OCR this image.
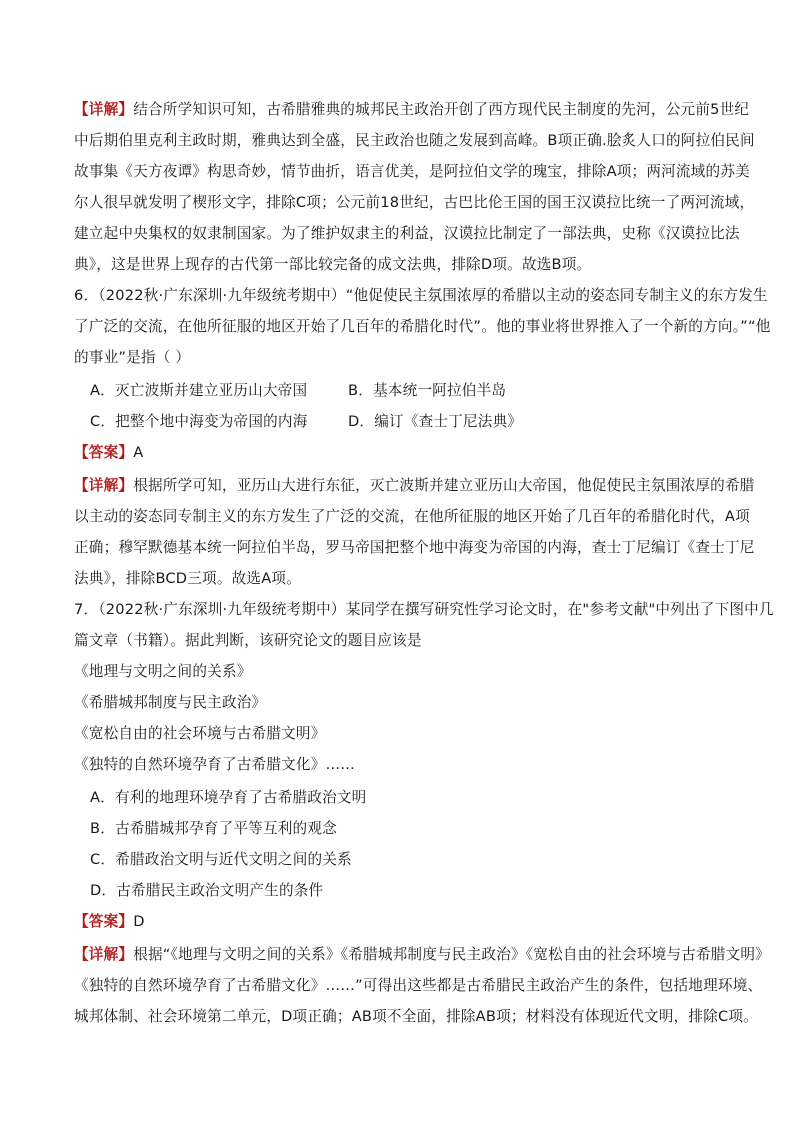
【详解】结合所学知识可知，古希腊雅典的城邦民主政治开创了西方现代民主制度的先河，公元前5世纪
中后期伯里克利主政时期，雅典达到全盛，民主政治也随之发展到高峰。B项正确.脍炙人口的阿拉伯民间
故事集《天方夜谭》构思奇妙，情节曲折，语言优美，是阿拉伯文学的瑰宝，排除A项；两河流域的苏美
尔人很早就发明了楔形文字，排除C项；公元前18世纪，古巴比伦王国的国王汉谟拉比统一了两河流域，
建立起中央集权的奴隶制国家。为了维护奴隶主的利益，汉谟拉比制定了一部法典，史称《汉谟拉比法
典》，这是世界上现存的古代第一部比较完备的成文法典，排除D项。故选B项。
6．（2022秋·广东深圳·九年级统考期中）“他促使民主氛围浓厚的希腊以主动的姿态同专制主义的东方发生
了广泛的交流，在他所征服的地区开始了几百年的希腊化时代”。他的事业将世界推入了一个新的方向。”“他
的事业”是指（ ）
A．灭亡波斯并建立亚历山大帝国	B．基本统一阿拉伯半岛
C．把整个地中海变为帝国的内海	D．编订《查士丁尼法典》
【答案】A
【详解】根据所学可知，亚历山大进行东征，灭亡波斯并建立亚历山大帝国，他促使民主氛围浓厚的希腊
以主动的姿态同专制主义的东方发生了广泛的交流，在他所征服的地区开始了几百年的希腊化时代，A项
正确；穆罕默德基本统一阿拉伯半岛，罗马帝国把整个地中海变为帝国的内海，查士丁尼编订《查士丁尼
法典》，排除BCD三项。故选A项。
7．（2022秋·广东深圳·九年级统考期中）某同学在撰写研究性学习论文时，在"参考文献"中列出了下图中几
篇文章（书籍）。据此判断，该研究论文的题目应该是
《地理与文明之间的关系》
《希腊城邦制度与民主政治》
《宽松自由的社会环境与古希腊文明》
《独特的自然环境孕育了古希腊文化》……
A．有利的地理环境孕育了古希腊政治文明
B．古希腊城邦孕育了平等互利的观念
C．希腊政治文明与近代文明之间的关系
D．古希腊民主政治文明产生的条件
【答案】D
【详解】根据“《地理与文明之间的关系》《希腊城邦制度与民主政治》《宽松自由的社会环境与古希腊文明》
《独特的自然环境孕育了古希腊文化》……”可得出这些都是古希腊民主政治产生的条件，包括地理环境、
城邦体制、社会环境第二单元，D项正确；AB项不全面，排除AB项；材料没有体现近代文明，排除C项。
